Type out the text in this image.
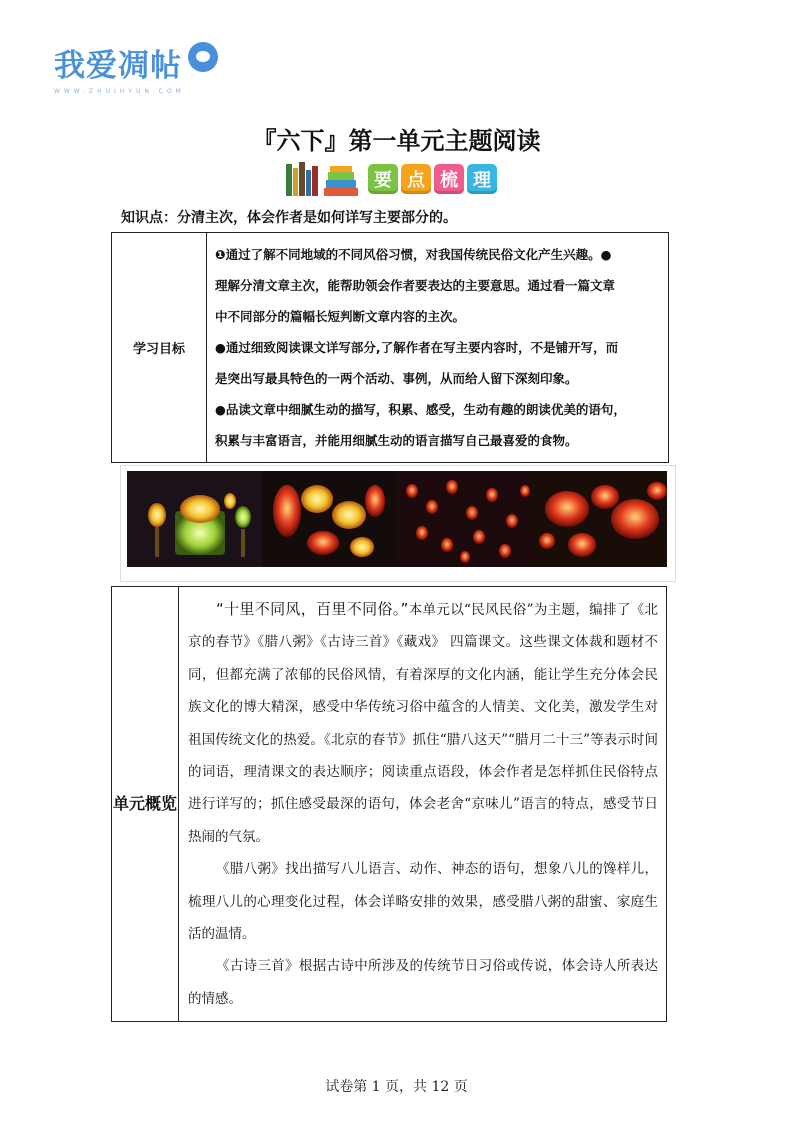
我爱凋帖
WWW.ZHUIHYUN.COM
『六下』第一单元主题阅读
要 点 梳 理
知识点：分清主次，体会作者是如何详写主要部分的。
学习目标	
❶通过了解不同地域的不同风俗习惯，对我国传统民俗文化产生兴趣。●
理解分清文章主次，能帮助领会作者要表达的主要意思。通过看一篇文章
中不同部分的篇幅长短判断文章内容的主次。
●通过细致阅读课文详写部分,了解作者在写主要内容时，不是铺开写，而
是突出写最具特色的一两个活动、事例，从而给人留下深刻印象。
●品读文章中细腻生动的描写，积累、感受，生动有趣的朗读优美的语句，
积累与丰富语言，并能用细腻生动的语言描写自己最喜爱的食物。
单元概览	

“十里不同风，百里不同俗。”本单元以“民风民俗”为主题，编排了《北京的春节》《腊八粥》《古诗三首》《藏戏》 四篇课文。这些课文体裁和题材不同，但都充满了浓郁的民俗风情，有着深厚的文化内涵，能让学生充分体会民族文化的博大精深，感受中华传统习俗中蕴含的人情美、文化美，激发学生对祖国传统文化的热爱。《北京的春节》抓住“腊八这天”“腊月二十三”等表示时间的词语，理清课文的表达顺序；阅读重点语段，体会作者是怎样抓住民俗特点进行详写的；抓住感受最深的语句，体会老舍“京味儿”语言的特点，感受节日热闹的气氛。

《腊八粥》找出描写八儿语言、动作、神态的语句，想象八儿的馋样儿，梳理八儿的心理变化过程，体会详略安排的效果，感受腊八粥的甜蜜、家庭生活的温情。

《古诗三首》根据古诗中所涉及的传统节日习俗或传说，体会诗人所表达的情感。

试卷第 1 页，共 12 页
